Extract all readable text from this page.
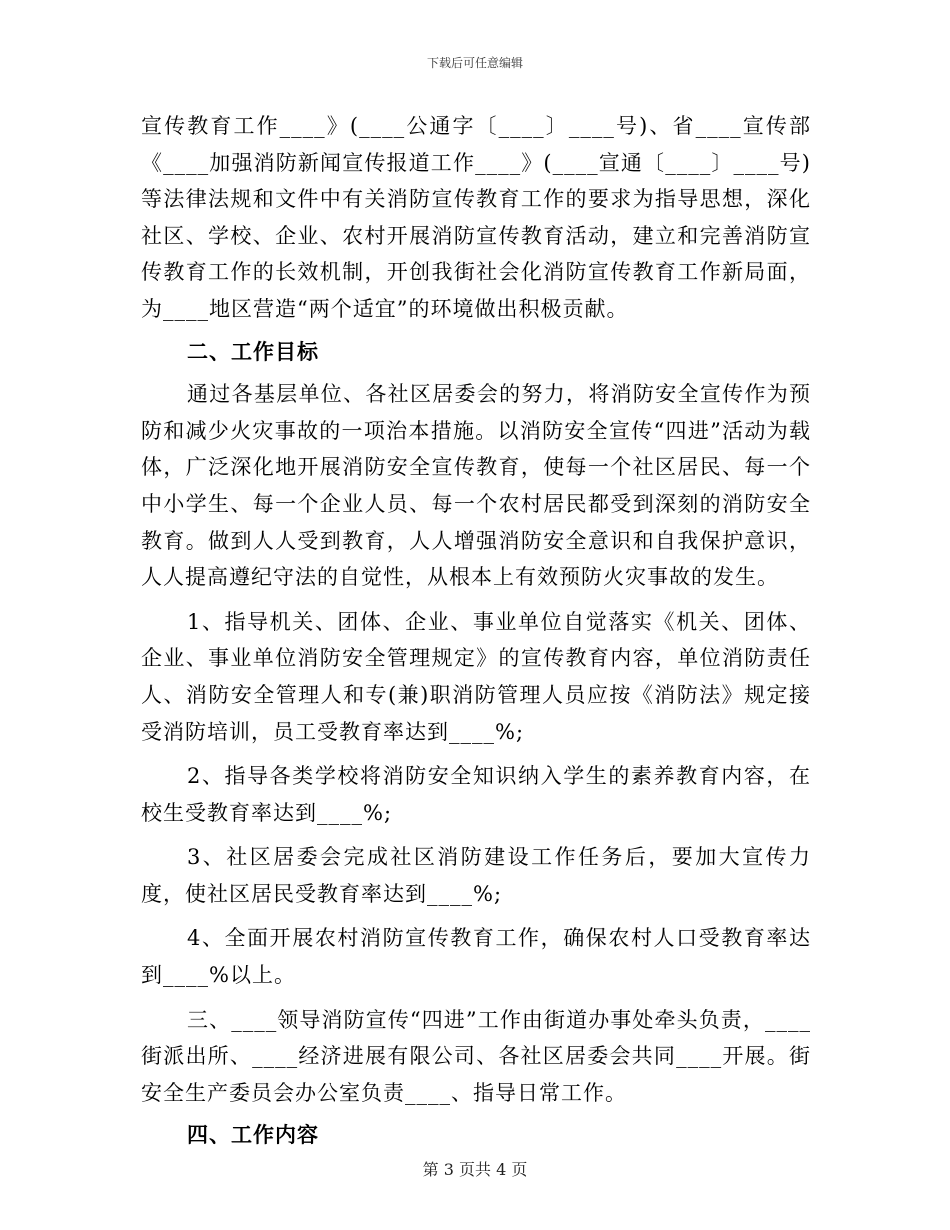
下载后可任意编辑

宣传教育工作____》(____公通字〔____〕____号)、省____宣传部《____加强消防新闻宣传报道工作____》(____宣通〔____〕____号)等法律法规和文件中有关消防宣传教育工作的要求为指导思想，深化社区、学校、企业、农村开展消防宣传教育活动，建立和完善消防宣传教育工作的长效机制，开创我街社会化消防宣传教育工作新局面，为____地区营造“两个适宜”的环境做出积极贡献。

二、工作目标

通过各基层单位、各社区居委会的努力，将消防安全宣传作为预防和减少火灾事故的一项治本措施。以消防安全宣传“四进”活动为载体，广泛深化地开展消防安全宣传教育，使每一个社区居民、每一个中小学生、每一个企业人员、每一个农村居民都受到深刻的消防安全教育。做到人人受到教育，人人增强消防安全意识和自我保护意识，人人提高遵纪守法的自觉性，从根本上有效预防火灾事故的发生。

1、指导机关、团体、企业、事业单位自觉落实《机关、团体、企业、事业单位消防安全管理规定》的宣传教育内容，单位消防责任人、消防安全管理人和专(兼)职消防管理人员应按《消防法》规定接受消防培训，员工受教育率达到____%;

2、指导各类学校将消防安全知识纳入学生的素养教育内容，在校生受教育率达到____%;

3、社区居委会完成社区消防建设工作任务后，要加大宣传力度，使社区居民受教育率达到____%;

4、全面开展农村消防宣传教育工作，确保农村人口受教育率达到____%以上。

三、____领导消防宣传“四进”工作由街道办事处牵头负责，____街派出所、____经济进展有限公司、各社区居委会共同____开展。街安全生产委员会办公室负责____、指导日常工作。

四、工作内容

第 3 页共 4 页
